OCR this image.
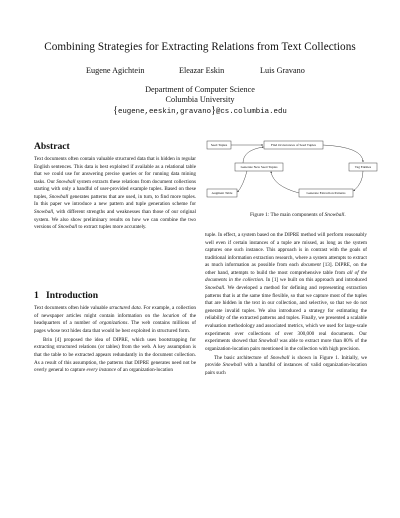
Combining Strategies for Extracting Relations from Text Collections
Eugene Agichtein	Eleazar Eskin	Luis Gravano
Department of Computer Science
Columbia University
{eugene,eeskin,gravano}@cs.columbia.edu
Abstract

Text documents often contain valuable structured data that is hidden in regular English sentences. This data is best exploited if available as a relational table that we could use for answering precise queries or for running data mining tasks. Our Snowball system extracts these relations from document collections starting with only a handful of user-provided example tuples. Based on these tuples, Snowball generates patterns that are used, in turn, to find more tuples. In this paper we introduce a new pattern and tuple generation scheme for Snowball, with different strengths and weaknesses than those of our original system. We also show preliminary results on how we can combine the two versions of Snowball to extract tuples more accurately.

1 Introduction

Text documents often hide valuable structured data. For example, a collection of newspaper articles might contain information on the location of the headquarters of a number of organizations. The web contains millions of pages whose text hides data that would be best exploited in structured form.

Brin [4] proposed the idea of DIPRE, which uses bootstrapping for extracting structured relations (or tables) from the web. A key assumption is that the table to be extracted appears redundantly in the document collection. As a result of this assumption, the patterns that DIPRE generates need not be overly general to capture every instance of an organization-location

Seed Tuples	Find Occurrences of Seed Tuples
Tag Entities
Generate New Seed Tuples
Augment Table	Generate Extraction Patterns
Figure 1: The main components of Snowball.

tuple. In effect, a system based on the DIPRE method will perform reasonably well even if certain instances of a tuple are missed, as long as the system captures one such instance. This approach is in contrast with the goals of traditional information extraction research, where a system attempts to extract as much information as possible from each document [13]. DIPRE, on the other hand, attempts to build the most comprehensive table from all of the documents in the collection. In [1] we built on this approach and introduced Snowball. We developed a method for defining and representing extraction patterns that is at the same time flexible, so that we capture most of the tuples that are hidden in the text in our collection, and selective, so that we do not generate invalid tuples. We also introduced a strategy for estimating the reliability of the extracted patterns and tuples. Finally, we presented a scalable evaluation methodology and associated metrics, which we used for large-scale experiments over collections of over 300,000 real documents. Our experiments showed that Snowball was able to extract more than 80% of the organization-location pairs mentioned in the collection with high precision.

The basic architecture of Snowball is shown in Figure 1. Initially, we provide Snowball with a handful of instances of valid organization-location pairs such
